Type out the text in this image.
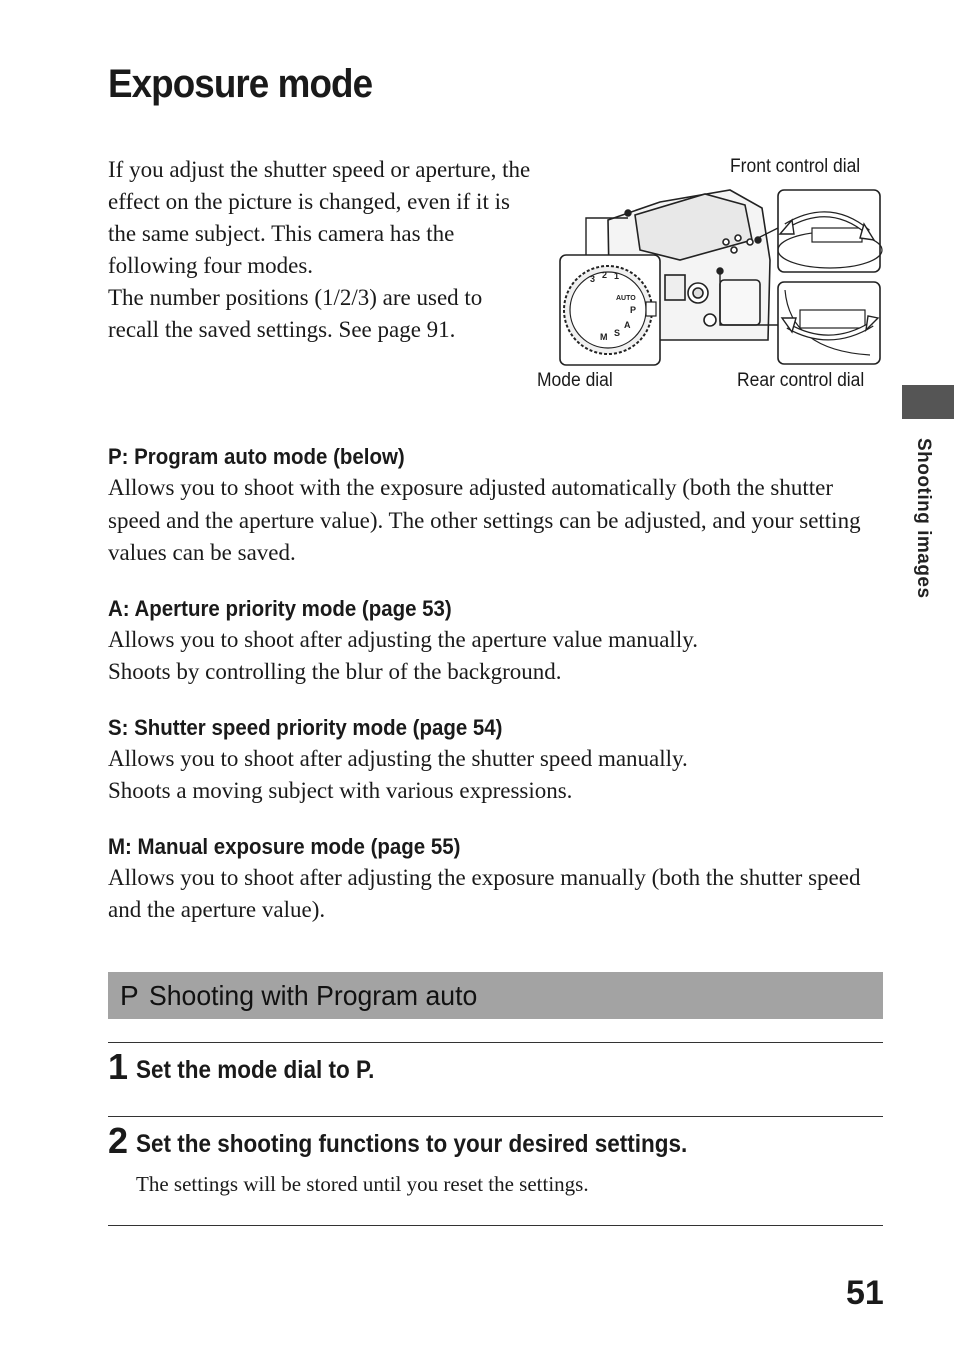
Exposure mode

If you adjust the shutter speed or aperture, the effect on the picture is changed, even if it is the same subject. This camera has the following four modes.

The number positions (1/2/3) are used to recall the saved settings. See page 91.

3 2 1
AUTO
P
A
S
M
Front control dial
Mode dial	Rear control dial
Shooting images
P: Program auto mode (below)

Allows you to shoot with the exposure adjusted automatically (both the shutter speed and the aperture value). The other settings can be adjusted, and your setting values can be saved.

A: Aperture priority mode (page 53)

Allows you to shoot after adjusting the aperture value manually.

Shoots by controlling the blur of the background.

S: Shutter speed priority mode (page 54)

Allows you to shoot after adjusting the shutter speed manually.

Shoots a moving subject with various expressions.

M: Manual exposure mode (page 55)

Allows you to shoot after adjusting the exposure manually (both the shutter speed and the aperture value).

P Shooting with Program auto
1 Set the mode dial to P.
2 Set the shooting functions to your desired settings.
The settings will be stored until you reset the settings.
51
